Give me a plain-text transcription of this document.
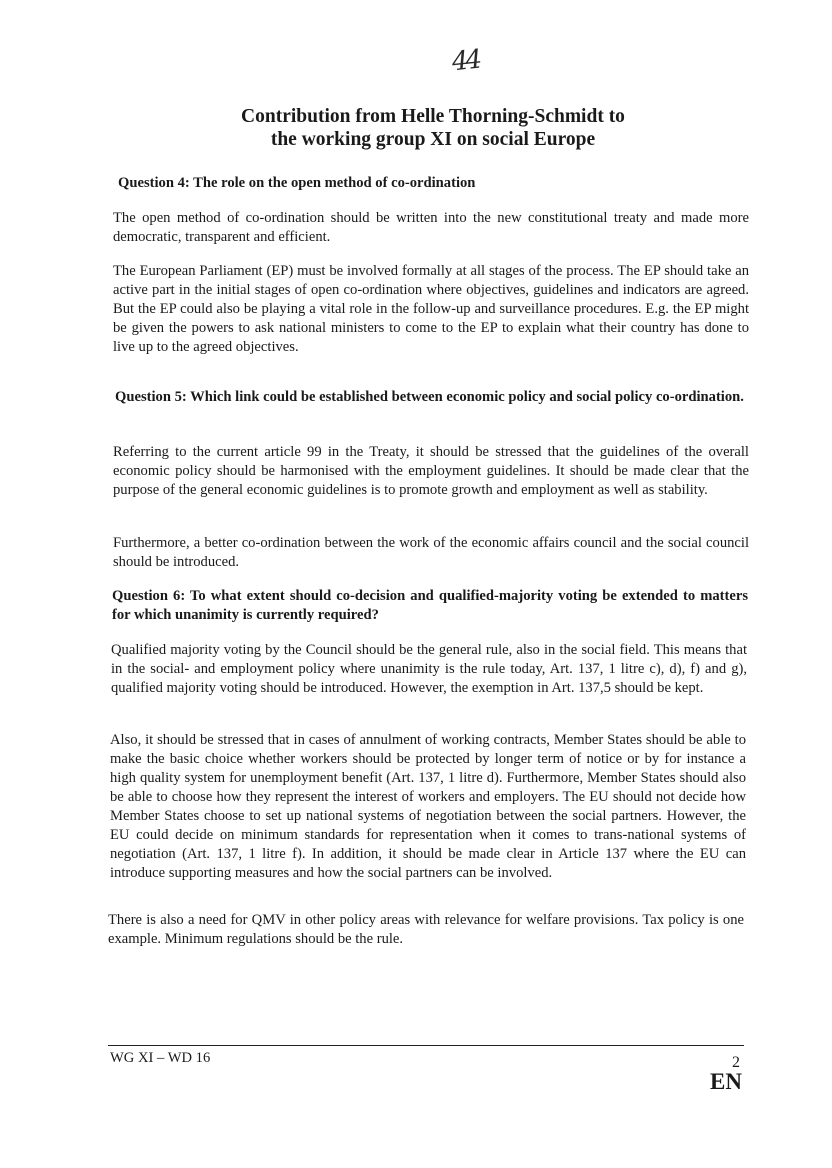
44
Contribution from Helle Thorning-Schmidt to
the working group XI on social Europe
Question 4: The role on the open method of co-ordination
The open method of co-ordination should be written into the new constitutional treaty and made more democratic, transparent and efficient.
The European Parliament (EP) must be involved formally at all stages of the process. The EP should take an active part in the initial stages of open co-ordination where objectives, guidelines and indicators are agreed. But the EP could also be playing a vital role in the follow-up and surveillance procedures. E.g. the EP might be given the powers to ask national ministers to come to the EP to explain what their country has done to live up to the agreed objectives.
Question 5: Which link could be established between economic policy and social policy co-ordination.
Referring to the current article 99 in the Treaty, it should be stressed that the guidelines of the overall economic policy should be harmonised with the employment guidelines. It should be made clear that the purpose of the general economic guidelines is to promote growth and employment as well as stability.
Furthermore, a better co-ordination between the work of the economic affairs council and the social council should be introduced.
Question 6: To what extent should co-decision and qualified-majority voting be extended to matters for which unanimity is currently required?
Qualified majority voting by the Council should be the general rule, also in the social field. This means that in the social- and employment policy where unanimity is the rule today, Art. 137, 1 litre c), d), f) and g), qualified majority voting should be introduced. However, the exemption in Art. 137,5 should be kept.
Also, it should be stressed that in cases of annulment of working contracts, Member States should be able to make the basic choice whether workers should be protected by longer term of notice or by for instance a high quality system for unemployment benefit (Art. 137, 1 litre d). Furthermore, Member States should also be able to choose how they represent the interest of workers and employers. The EU should not decide how Member States choose to set up national systems of negotiation between the social partners. However, the EU could decide on minimum standards for representation when it comes to trans-national systems of negotiation (Art. 137, 1 litre f). In addition, it should be made clear in Article 137 where the EU can introduce supporting measures and how the social partners can be involved.
There is also a need for QMV in other policy areas with relevance for welfare provisions. Tax policy is one example. Minimum regulations should be the rule.
WG XI – WD 16	2
EN
